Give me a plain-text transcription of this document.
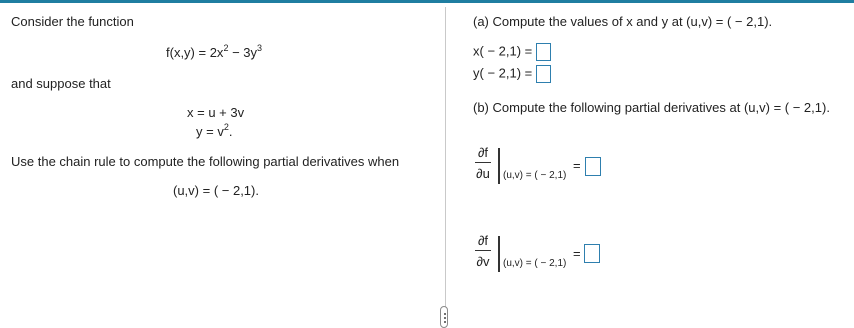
Consider the function
$f(x,y) = 2x^2 - 3y^3$
and suppose that
x = u + 3v
$y = v^2$.
Use the chain rule to compute the following partial derivatives when
(u,v) = ( − 2,1).
(a) Compute the values of x and y at (u,v) = ( − 2,1).
x( − 2,1) =
y( − 2,1) =
(b) Compute the following partial derivatives at (u,v) = ( − 2,1).
∂f
∂u (u,v) = ( − 2,1)
=
∂f
∂v (u,v) = ( − 2,1)
=
